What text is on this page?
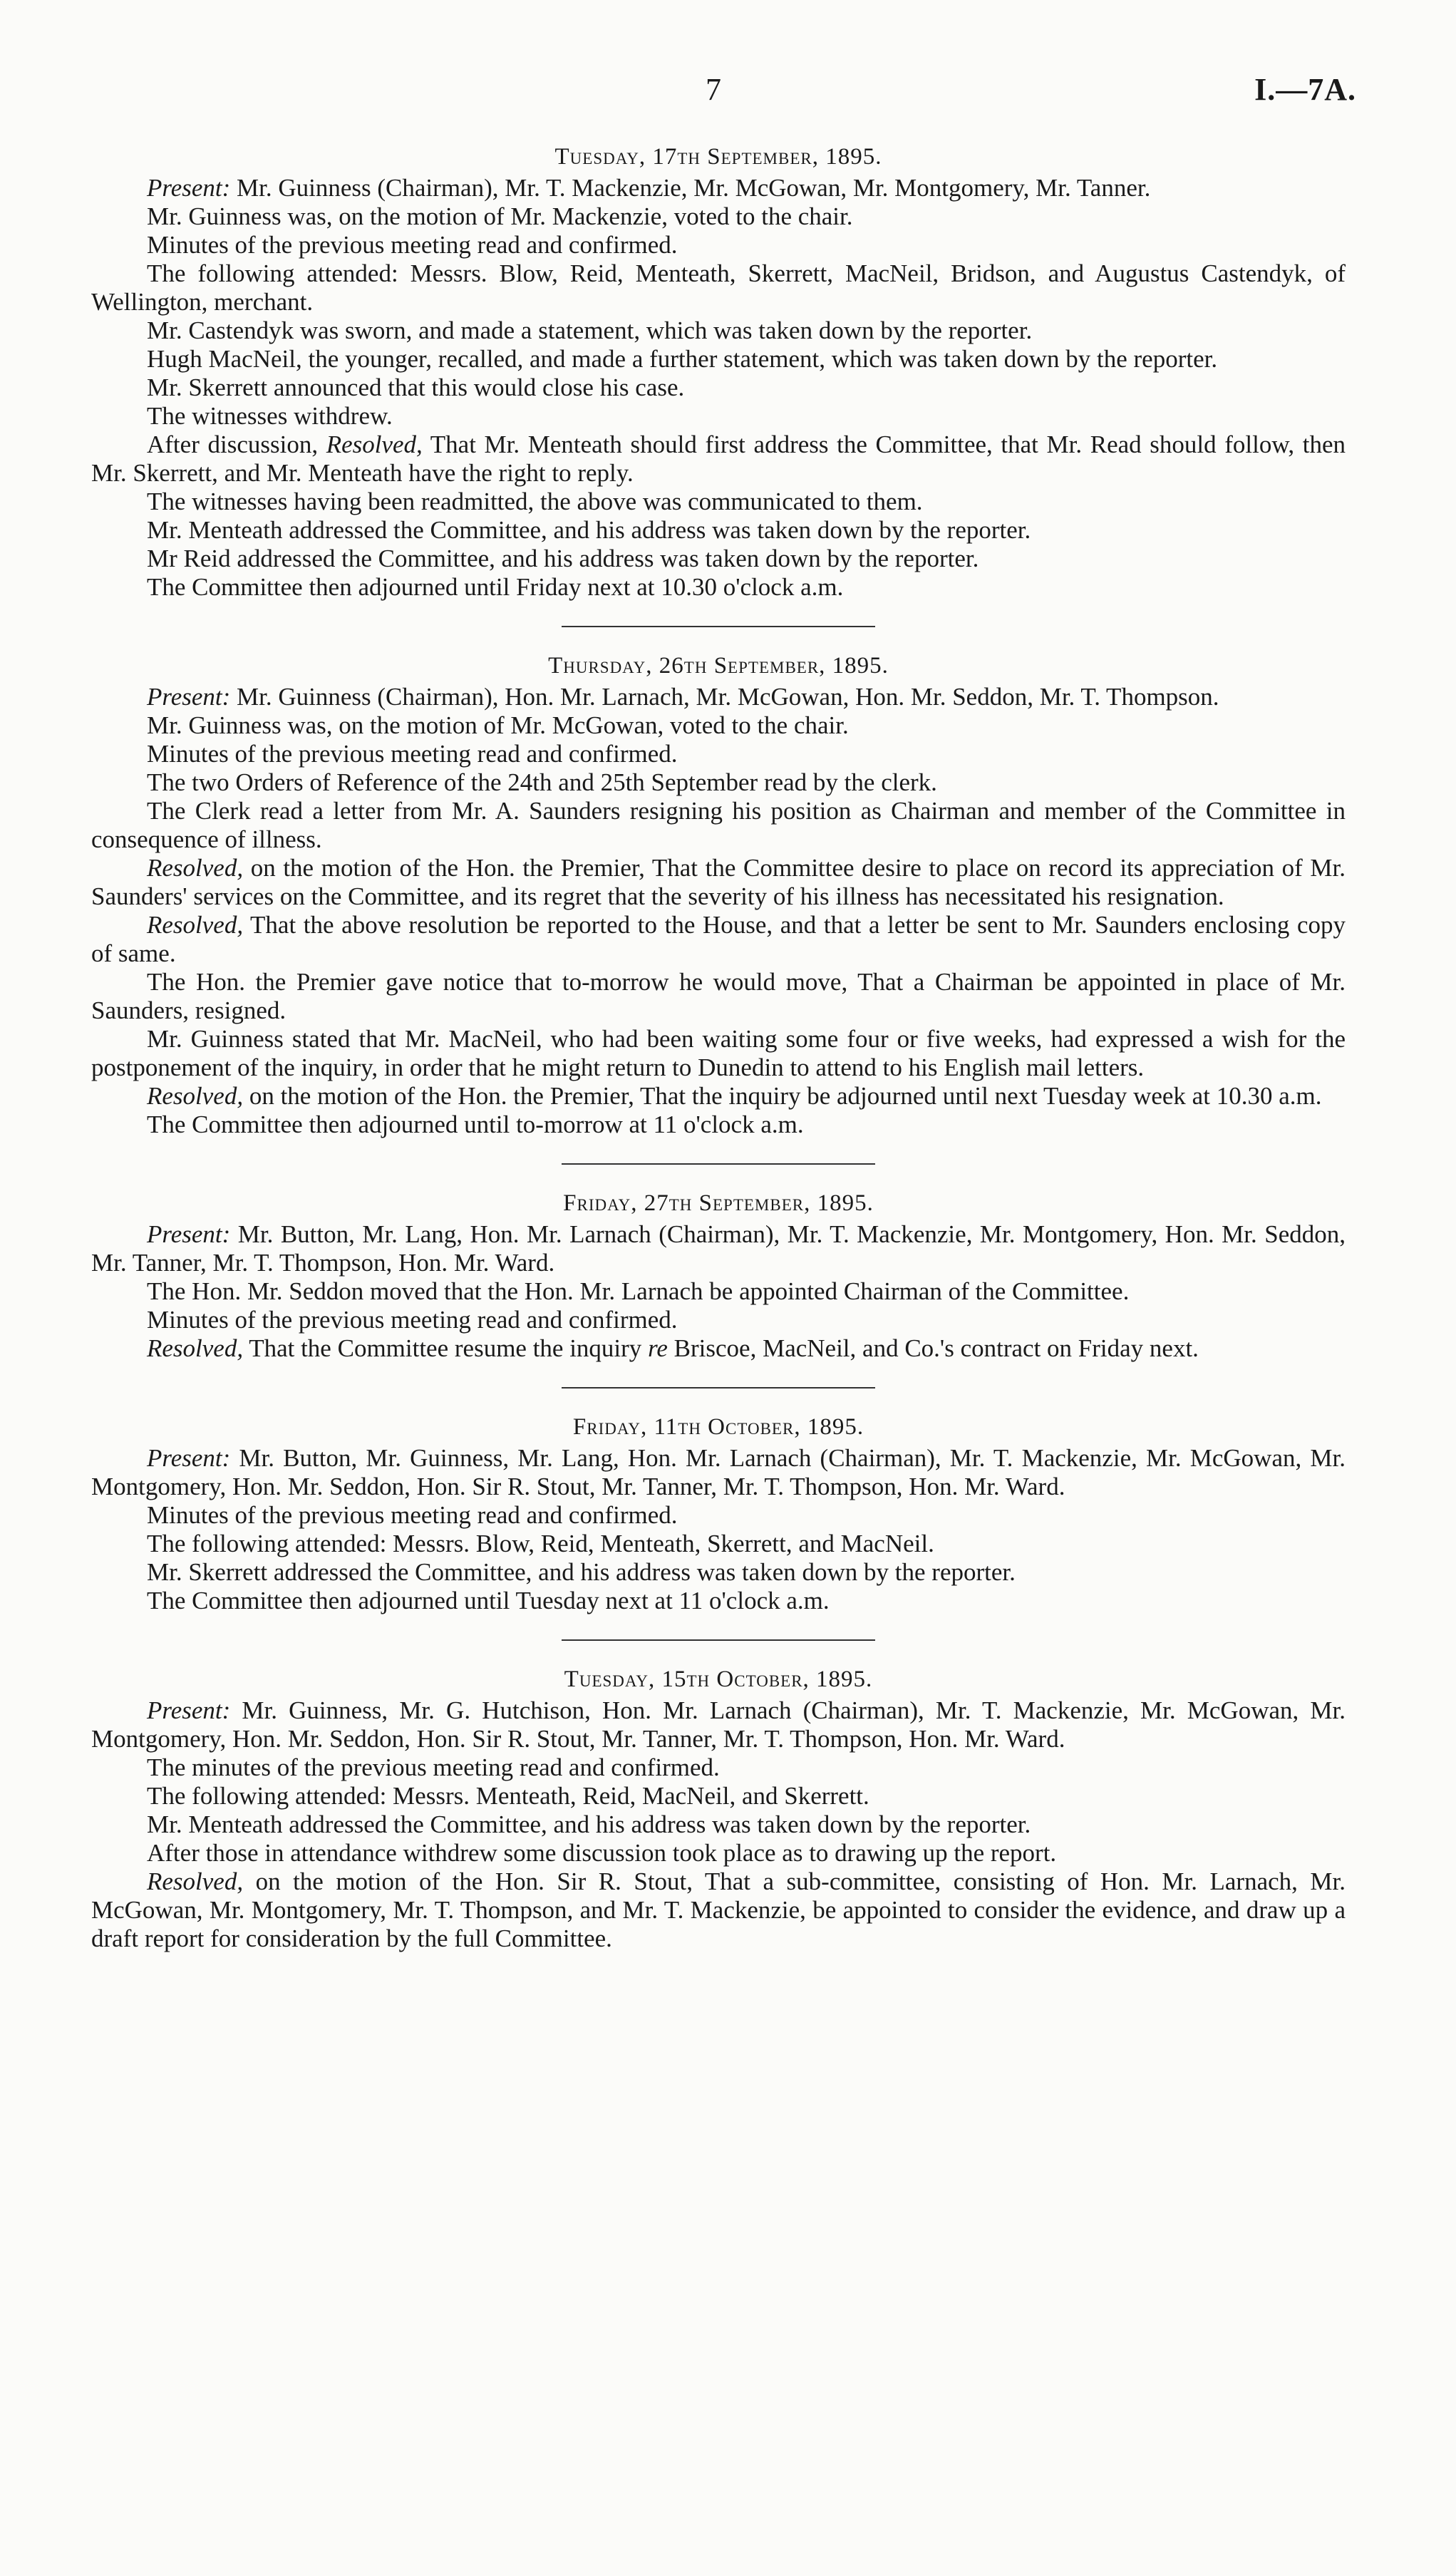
7	I.—7A.
Tuesday, 17th September, 1895.

Present: Mr. Guinness (Chairman), Mr. T. Mackenzie, Mr. McGowan, Mr. Montgomery, Mr. Tanner.

Mr. Guinness was, on the motion of Mr. Mackenzie, voted to the chair.

Minutes of the previous meeting read and confirmed.

The following attended: Messrs. Blow, Reid, Menteath, Skerrett, MacNeil, Bridson, and Augustus Castendyk, of Wellington, merchant.

Mr. Castendyk was sworn, and made a statement, which was taken down by the reporter.

Hugh MacNeil, the younger, recalled, and made a further statement, which was taken down by the reporter.

Mr. Skerrett announced that this would close his case.

The witnesses withdrew.

After discussion, Resolved, That Mr. Menteath should first address the Committee, that Mr. Read should follow, then Mr. Skerrett, and Mr. Menteath have the right to reply.

The witnesses having been readmitted, the above was communicated to them.

Mr. Menteath addressed the Committee, and his address was taken down by the reporter.

Mr Reid addressed the Committee, and his address was taken down by the reporter.

The Committee then adjourned until Friday next at 10.30 o'clock a.m.

Thursday, 26th September, 1895.

Present: Mr. Guinness (Chairman), Hon. Mr. Larnach, Mr. McGowan, Hon. Mr. Seddon, Mr. T. Thompson.

Mr. Guinness was, on the motion of Mr. McGowan, voted to the chair.

Minutes of the previous meeting read and confirmed.

The two Orders of Reference of the 24th and 25th September read by the clerk.

The Clerk read a letter from Mr. A. Saunders resigning his position as Chairman and member of the Committee in consequence of illness.

Resolved, on the motion of the Hon. the Premier, That the Committee desire to place on record its appreciation of Mr. Saunders' services on the Committee, and its regret that the severity of his illness has necessitated his resignation.

Resolved, That the above resolution be reported to the House, and that a letter be sent to Mr. Saunders enclosing copy of same.

The Hon. the Premier gave notice that to-morrow he would move, That a Chairman be appointed in place of Mr. Saunders, resigned.

Mr. Guinness stated that Mr. MacNeil, who had been waiting some four or five weeks, had expressed a wish for the postponement of the inquiry, in order that he might return to Dunedin to attend to his English mail letters.

Resolved, on the motion of the Hon. the Premier, That the inquiry be adjourned until next Tuesday week at 10.30 a.m.

The Committee then adjourned until to-morrow at 11 o'clock a.m.

Friday, 27th September, 1895.

Present: Mr. Button, Mr. Lang, Hon. Mr. Larnach (Chairman), Mr. T. Mackenzie, Mr. Montgomery, Hon. Mr. Seddon, Mr. Tanner, Mr. T. Thompson, Hon. Mr. Ward.

The Hon. Mr. Seddon moved that the Hon. Mr. Larnach be appointed Chairman of the Committee.

Minutes of the previous meeting read and confirmed.

Resolved, That the Committee resume the inquiry re Briscoe, MacNeil, and Co.'s contract on Friday next.

Friday, 11th October, 1895.

Present: Mr. Button, Mr. Guinness, Mr. Lang, Hon. Mr. Larnach (Chairman), Mr. T. Mackenzie, Mr. McGowan, Mr. Montgomery, Hon. Mr. Seddon, Hon. Sir R. Stout, Mr. Tanner, Mr. T. Thompson, Hon. Mr. Ward.

Minutes of the previous meeting read and confirmed.

The following attended: Messrs. Blow, Reid, Menteath, Skerrett, and MacNeil.

Mr. Skerrett addressed the Committee, and his address was taken down by the reporter.

The Committee then adjourned until Tuesday next at 11 o'clock a.m.

Tuesday, 15th October, 1895.

Present: Mr. Guinness, Mr. G. Hutchison, Hon. Mr. Larnach (Chairman), Mr. T. Mackenzie, Mr. McGowan, Mr. Montgomery, Hon. Mr. Seddon, Hon. Sir R. Stout, Mr. Tanner, Mr. T. Thompson, Hon. Mr. Ward.

The minutes of the previous meeting read and confirmed.

The following attended: Messrs. Menteath, Reid, MacNeil, and Skerrett.

Mr. Menteath addressed the Committee, and his address was taken down by the reporter.

After those in attendance withdrew some discussion took place as to drawing up the report.

Resolved, on the motion of the Hon. Sir R. Stout, That a sub-committee, consisting of Hon. Mr. Larnach, Mr. McGowan, Mr. Montgomery, Mr. T. Thompson, and Mr. T. Mackenzie, be appointed to consider the evidence, and draw up a draft report for consideration by the full Committee.
